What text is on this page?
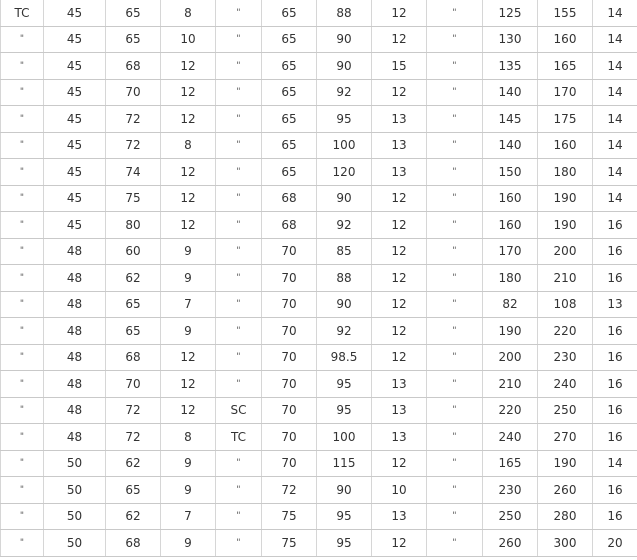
TC	45	65	8	"	65	88	12	"	125	155	14
"	45	65	10	"	65	90	12	"	130	160	14
"	45	68	12	"	65	90	15	"	135	165	14
"	45	70	12	"	65	92	12	"	140	170	14
"	45	72	12	"	65	95	13	"	145	175	14
"	45	72	8	"	65	100	13	"	140	160	14
"	45	74	12	"	65	120	13	"	150	180	14
"	45	75	12	"	68	90	12	"	160	190	14
"	45	80	12	"	68	92	12	"	160	190	16
"	48	60	9	"	70	85	12	"	170	200	16
"	48	62	9	"	70	88	12	"	180	210	16
"	48	65	7	"	70	90	12	"	82	108	13
"	48	65	9	"	70	92	12	"	190	220	16
"	48	68	12	"	70	98.5	12	"	200	230	16
"	48	70	12	"	70	95	13	"	210	240	16
"	48	72	12	SC	70	95	13	"	220	250	16
"	48	72	8	TC	70	100	13	"	240	270	16
"	50	62	9	"	70	115	12	"	165	190	14
"	50	65	9	"	72	90	10	"	230	260	16
"	50	62	7	"	75	95	13	"	250	280	16
"	50	68	9	"	75	95	12	"	260	300	20
